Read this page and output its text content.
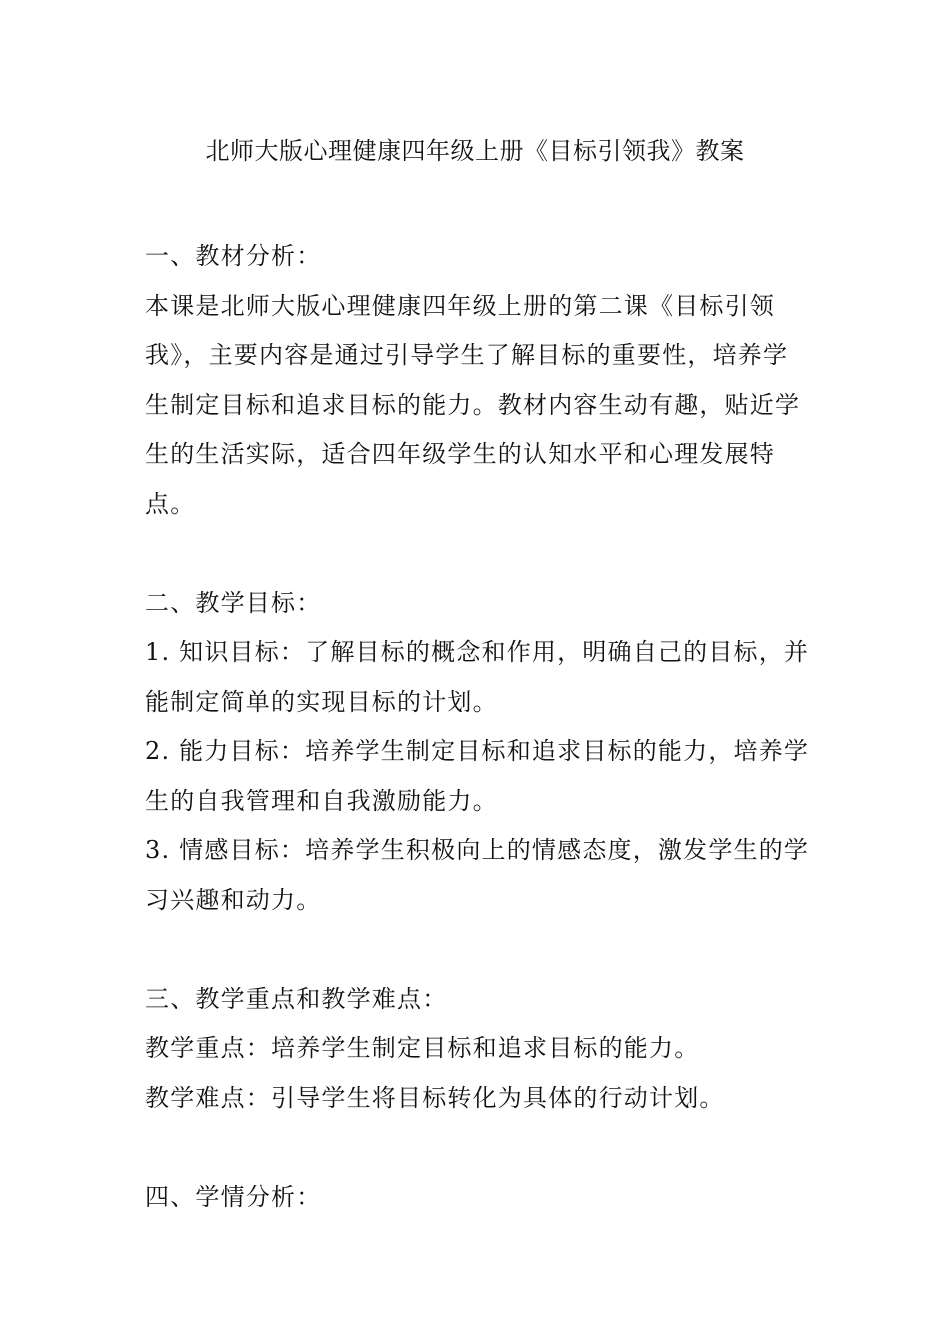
北师大版心理健康四年级上册《目标引领我》教案

一、教材分析：

本课是北师大版心理健康四年级上册的第二课《目标引领我》，主要内容是通过引导学生了解目标的重要性，培养学生制定目标和追求目标的能力。教材内容生动有趣，贴近学生的生活实际，适合四年级学生的认知水平和心理发展特点。

二、教学目标：

1. 知识目标：了解目标的概念和作用，明确自己的目标，并能制定简单的实现目标的计划。

2. 能力目标：培养学生制定目标和追求目标的能力，培养学生的自我管理和自我激励能力。

3. 情感目标：培养学生积极向上的情感态度，激发学生的学习兴趣和动力。

三、教学重点和教学难点：

教学重点：培养学生制定目标和追求目标的能力。

教学难点：引导学生将目标转化为具体的行动计划。

四、学情分析：
